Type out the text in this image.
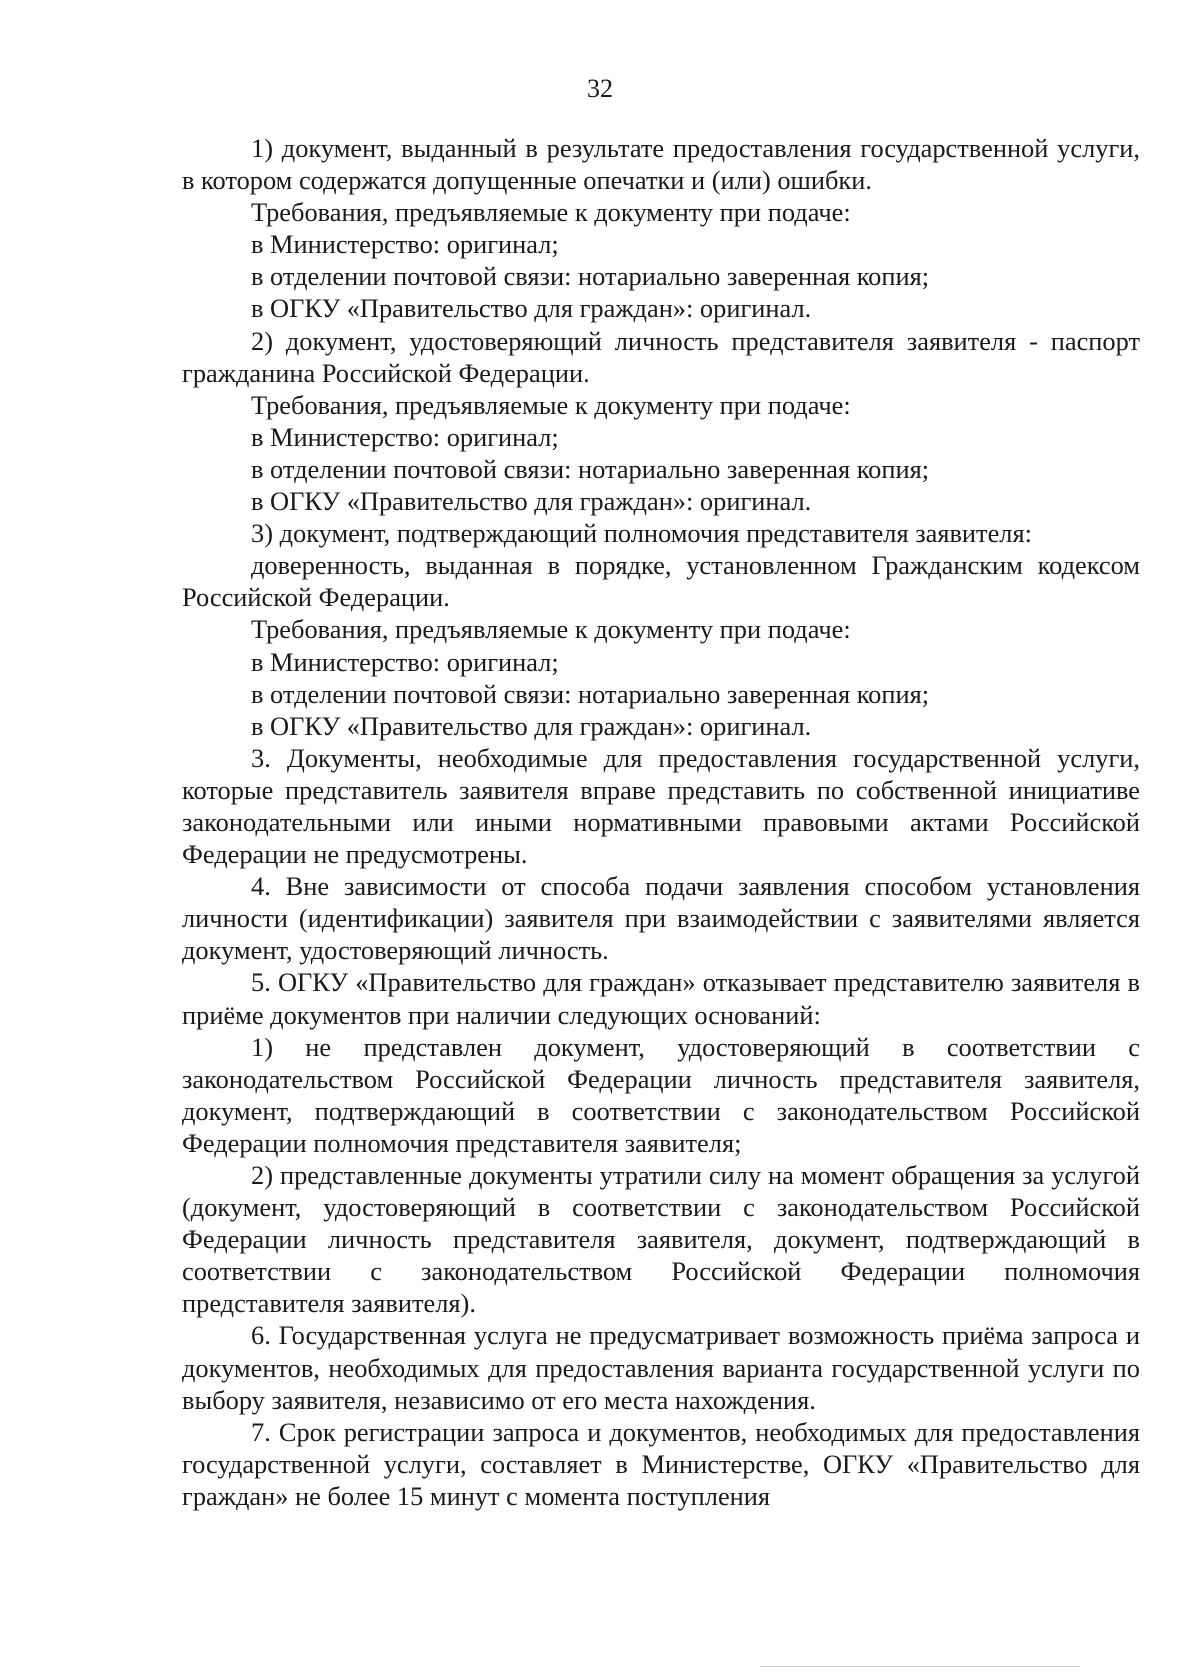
32

1) документ, выданный в результате предоставления государственной услуги, в котором содержатся допущенные опечатки и (или) ошибки.

Требования, предъявляемые к документу при подаче:

в Министерство: оригинал;

в отделении почтовой связи: нотариально заверенная копия;

в ОГКУ «Правительство для граждан»: оригинал.

2) документ, удостоверяющий личность представителя заявителя - паспорт гражданина Российской Федерации.

Требования, предъявляемые к документу при подаче:

в Министерство: оригинал;

в отделении почтовой связи: нотариально заверенная копия;

в ОГКУ «Правительство для граждан»: оригинал.

3) документ, подтверждающий полномочия представителя заявителя:

доверенность, выданная в порядке, установленном Гражданским кодексом Российской Федерации.

Требования, предъявляемые к документу при подаче:

в Министерство: оригинал;

в отделении почтовой связи: нотариально заверенная копия;

в ОГКУ «Правительство для граждан»: оригинал.

3. Документы, необходимые для предоставления государственной услуги, которые представитель заявителя вправе представить по собственной инициативе законодательными или иными нормативными правовыми актами Российской Федерации не предусмотрены.

4. Вне зависимости от способа подачи заявления способом установления личности (идентификации) заявителя при взаимодействии с заявителями является документ, удостоверяющий личность.

5. ОГКУ «Правительство для граждан» отказывает представителю заявителя в приёме документов при наличии следующих оснований:

1) не представлен документ, удостоверяющий в соответствии с законодательством Российской Федерации личность представителя заявителя, документ, подтверждающий в соответствии с законодательством Российской Федерации полномочия представителя заявителя;

2) представленные документы утратили силу на момент обращения за услугой (документ, удостоверяющий в соответствии с законодательством Российской Федерации личность представителя заявителя, документ, подтверждающий в соответствии с законодательством Российской Федерации полномочия представителя заявителя).

6. Государственная услуга не предусматривает возможность приёма запроса и документов, необходимых для предоставления варианта государственной услуги по выбору заявителя, независимо от его места нахождения.

7. Срок регистрации запроса и документов, необходимых для предоставления государственной услуги, составляет в Министерстве, ОГКУ «Правительство для граждан» не более 15 минут с момента поступления
